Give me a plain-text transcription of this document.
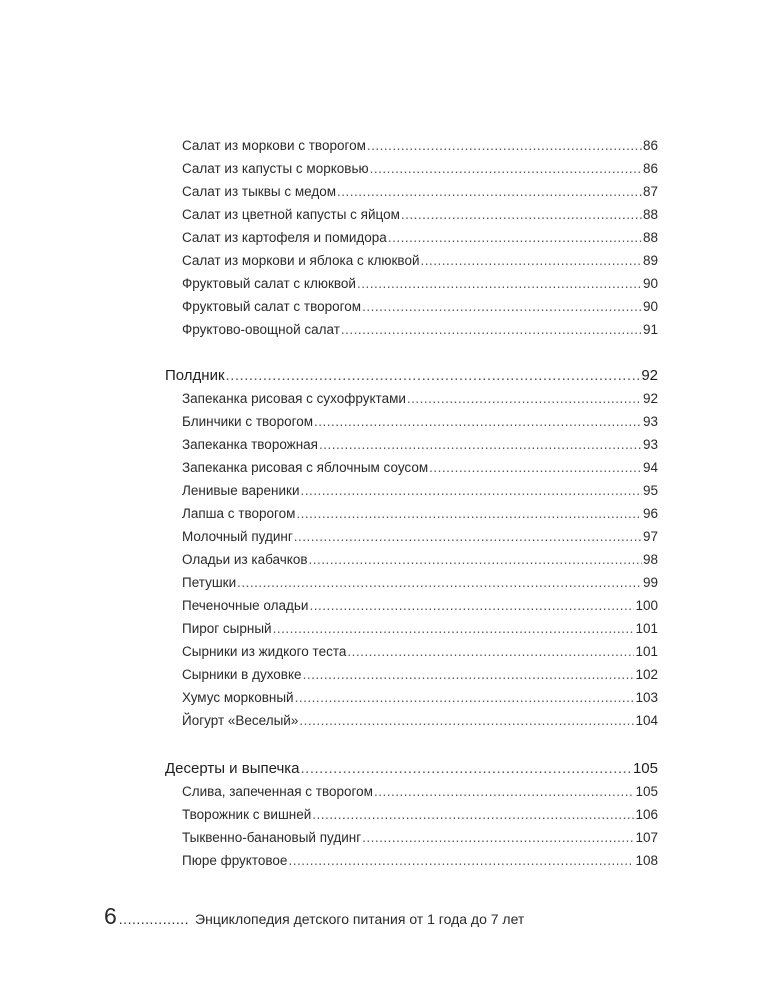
Салат из моркови с творогом .....	86
Салат из капусты с морковью .....	86
Салат из тыквы с медом .....	87
Салат из цветной капусты с яйцом .....	88
Салат из картофеля и помидора .....	88
Салат из моркови и яблока с клюквой .....	89
Фруктовый салат с клюквой .....	90
Фруктовый салат с творогом .....	90
Фруктово-овощной салат .....	91
Полдник .....	92
Запеканка рисовая с сухофруктами .....	92
Блинчики с творогом .....	93
Запеканка творожная .....	93
Запеканка рисовая с яблочным соусом .....	94
Ленивые вареники .....	95
Лапша с творогом .....	96
Молочный пудинг .....	97
Оладьи из кабачков .....	98
Петушки .....	99
Печеночные оладьи .....	100
Пирог сырный .....	101
Сырники из жидкого теста .....	101
Сырники в духовке .....	102
Хумус морковный .....	103
Йогурт «Веселый» .....	104
Десерты и выпечка .....	105
Слива, запеченная с творогом .....	105
Творожник с вишней .....	106
Тыквенно-банановый пудинг .....	107
Пюре фруктовое .....	108
6 ................ Энциклопедия детского питания от 1 года до 7 лет
